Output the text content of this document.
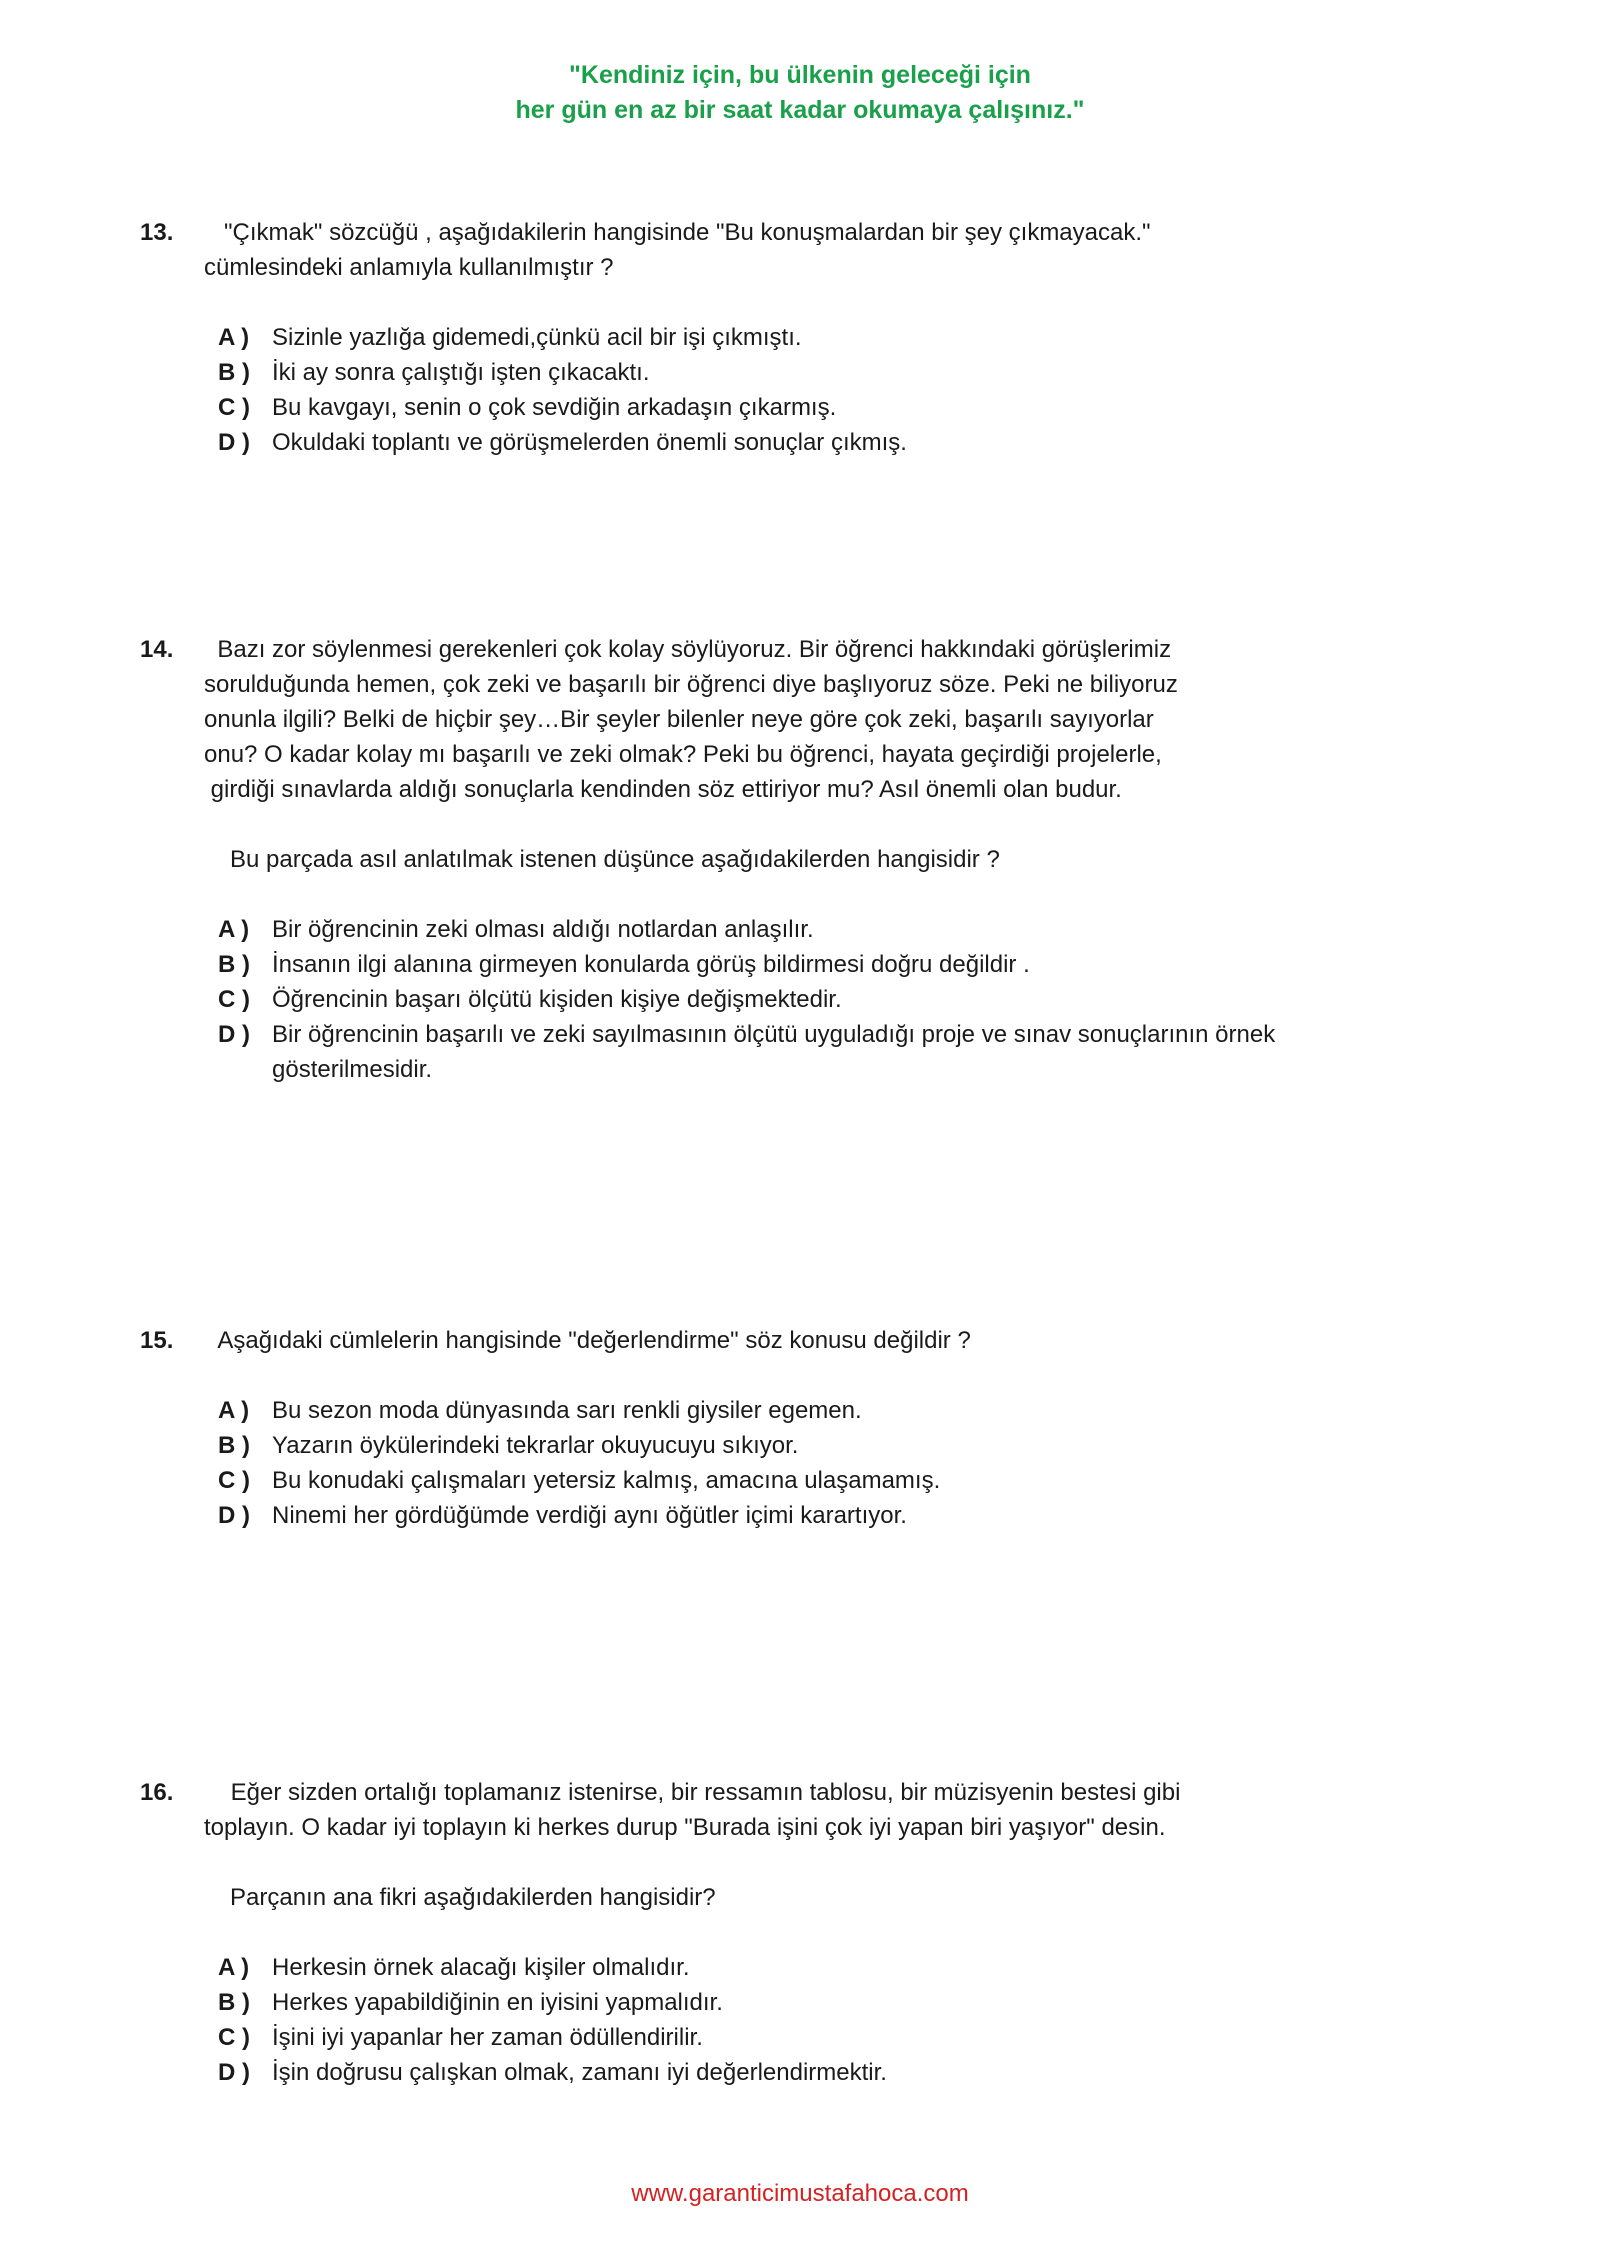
"Kendiniz için, bu ülkenin geleceği için
her gün en az bir saat kadar okumaya çalışınız."
13.	"Çıkmak" sözcüğü , aşağıdakilerin hangisinde "Bu konuşmalardan bir şey çıkmayacak."
cümlesindeki anlamıyla kullanılmıştır ?
A ) Sizinle yazlığa gidemedi,çünkü acil bir işi çıkmıştı.
B ) İki ay sonra çalıştığı işten çıkacaktı.
C ) Bu kavgayı, senin o çok sevdiğin arkadaşın çıkarmış.
D ) Okuldaki toplantı ve görüşmelerden önemli sonuçlar çıkmış.
14.	Bazı zor söylenmesi gerekenleri çok kolay söylüyoruz. Bir öğrenci hakkındaki görüşlerimiz
sorulduğunda hemen, çok zeki ve başarılı bir öğrenci diye başlıyoruz söze. Peki ne biliyoruz
onunla ilgili? Belki de hiçbir şey…Bir şeyler bilenler neye göre çok zeki, başarılı sayıyorlar
onu? O kadar kolay mı başarılı ve zeki olmak? Peki bu öğrenci, hayata geçirdiği projelerle,
girdiği sınavlarda aldığı sonuçlarla kendinden söz ettiriyor mu? Asıl önemli olan budur.
Bu parçada asıl anlatılmak istenen düşünce aşağıdakilerden hangisidir ?
A ) Bir öğrencinin zeki olması aldığı notlardan anlaşılır.
B ) İnsanın ilgi alanına girmeyen konularda görüş bildirmesi doğru değildir .
C ) Öğrencinin başarı ölçütü kişiden kişiye değişmektedir.
D ) Bir öğrencinin başarılı ve zeki sayılmasının ölçütü uyguladığı proje ve sınav sonuçlarının örnek gösterilmesidir.
15. Aşağıdaki cümlelerin hangisinde "değerlendirme" söz konusu değildir ?
A ) Bu sezon moda dünyasında sarı renkli giysiler egemen.
B ) Yazarın öykülerindeki tekrarlar okuyucuyu sıkıyor.
C ) Bu konudaki çalışmaları yetersiz kalmış, amacına ulaşamamış.
D ) Ninemi her gördüğümde verdiği aynı öğütler içimi karartıyor.
16.	Eğer sizden ortalığı toplamanız istenirse, bir ressamın tablosu, bir müzisyenin bestesi gibi
toplayın. O kadar iyi toplayın ki herkes durup "Burada işini çok iyi yapan biri yaşıyor" desin.
Parçanın ana fikri aşağıdakilerden hangisidir?
A ) Herkesin örnek alacağı kişiler olmalıdır.
B ) Herkes yapabildiğinin en iyisini yapmalıdır.
C ) İşini iyi yapanlar her zaman ödüllendirilir.
D ) İşin doğrusu çalışkan olmak, zamanı iyi değerlendirmektir.
www.garanticimustafahoca.com
